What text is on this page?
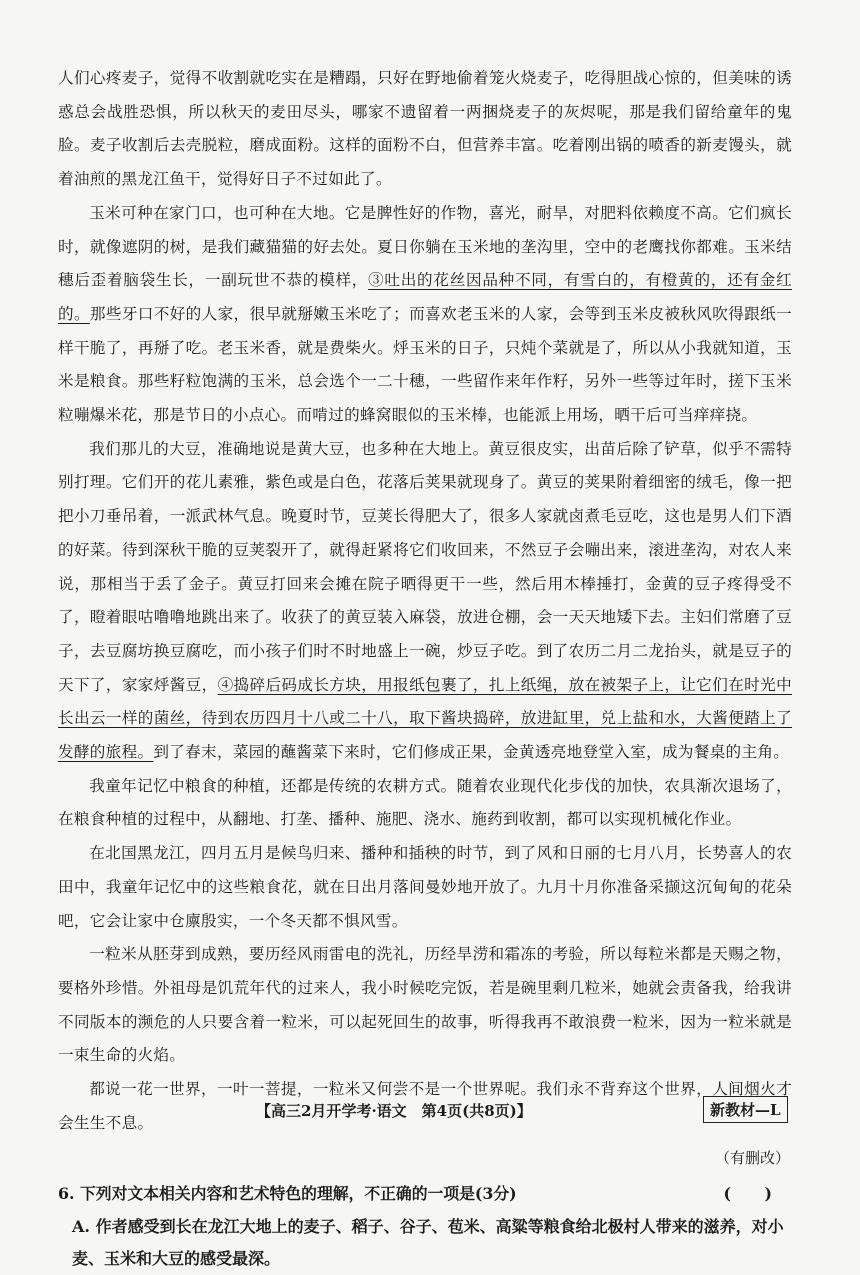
人们心疼麦子，觉得不收割就吃实在是糟蹋，只好在野地偷着笼火烧麦子，吃得胆战心惊的，但美味的诱惑总会战胜恐惧，所以秋天的麦田尽头，哪家不遗留着一两捆烧麦子的灰烬呢，那是我们留给童年的鬼脸。麦子收割后去壳脱粒，磨成面粉。这样的面粉不白，但营养丰富。吃着刚出锅的喷香的新麦馒头，就着油煎的黑龙江鱼干，觉得好日子不过如此了。

玉米可种在家门口，也可种在大地。它是脾性好的作物，喜光，耐旱，对肥料依赖度不高。它们疯长时，就像遮阴的树，是我们藏猫猫的好去处。夏日你躺在玉米地的垄沟里，空中的老鹰找你都难。玉米结穗后歪着脑袋生长，一副玩世不恭的模样，③吐出的花丝因品种不同，有雪白的，有橙黄的，还有金红的。那些牙口不好的人家，很早就掰嫩玉米吃了；而喜欢老玉米的人家，会等到玉米皮被秋风吹得跟纸一样干脆了，再掰了吃。老玉米香，就是费柴火。烀玉米的日子，只炖个菜就是了，所以从小我就知道，玉米是粮食。那些籽粒饱满的玉米，总会选个一二十穗，一些留作来年作籽，另外一些等过年时，搓下玉米粒嘣爆米花，那是节日的小点心。而啃过的蜂窝眼似的玉米棒，也能派上用场，晒干后可当痒痒挠。

我们那儿的大豆，准确地说是黄大豆，也多种在大地上。黄豆很皮实，出苗后除了铲草，似乎不需特别打理。它们开的花儿素雅，紫色或是白色，花落后荚果就现身了。黄豆的荚果附着细密的绒毛，像一把把小刀垂吊着，一派武林气息。晚夏时节，豆荚长得肥大了，很多人家就卤煮毛豆吃，这也是男人们下酒的好菜。待到深秋干脆的豆荚裂开了，就得赶紧将它们收回来，不然豆子会嘣出来，滚进垄沟，对农人来说，那相当于丢了金子。黄豆打回来会摊在院子晒得更干一些，然后用木棒捶打，金黄的豆子疼得受不了，瞪着眼咕噜噜地跳出来了。收获了的黄豆装入麻袋，放进仓棚，会一天天地矮下去。主妇们常磨了豆子，去豆腐坊换豆腐吃，而小孩子们时不时地盛上一碗，炒豆子吃。到了农历二月二龙抬头，就是豆子的天下了，家家烀酱豆，④捣碎后码成长方块，用报纸包裹了，扎上纸绳，放在被架子上，让它们在时光中长出云一样的菌丝，待到农历四月十八或二十八，取下酱块捣碎，放进缸里，兑上盐和水，大酱便踏上了发酵的旅程。到了春末，菜园的蘸酱菜下来时，它们修成正果，金黄透亮地登堂入室，成为餐桌的主角。

我童年记忆中粮食的种植，还都是传统的农耕方式。随着农业现代化步伐的加快，农具渐次退场了，在粮食种植的过程中，从翻地、打垄、播种、施肥、浇水、施药到收割，都可以实现机械化作业。

在北国黑龙江，四月五月是候鸟归来、播种和插秧的时节，到了风和日丽的七月八月，长势喜人的农田中，我童年记忆中的这些粮食花，就在日出月落间曼妙地开放了。九月十月你准备采撷这沉甸甸的花朵吧，它会让家中仓廪殷实，一个冬天都不惧风雪。

一粒米从胚芽到成熟，要历经风雨雷电的洗礼，历经旱涝和霜冻的考验，所以每粒米都是天赐之物，要格外珍惜。外祖母是饥荒年代的过来人，我小时候吃完饭，若是碗里剩几粒米，她就会责备我，给我讲不同版本的濒危的人只要含着一粒米，可以起死回生的故事，听得我再不敢浪费一粒米，因为一粒米就是一束生命的火焰。

都说一花一世界，一叶一菩提，一粒米又何尝不是一个世界呢。我们永不背弃这个世界，人间烟火才会生生不息。

（有删改）
6. 下列对文本相关内容和艺术特色的理解，不正确的一项是(3分)	( )
A. 作者感受到长在龙江大地上的麦子、稻子、谷子、苞米、高粱等粮食给北极村人带来的滋养，对小麦、玉米和大豆的感受最深。
【高三2月开学考·语文　第4页(共8页)】	新教材—L
